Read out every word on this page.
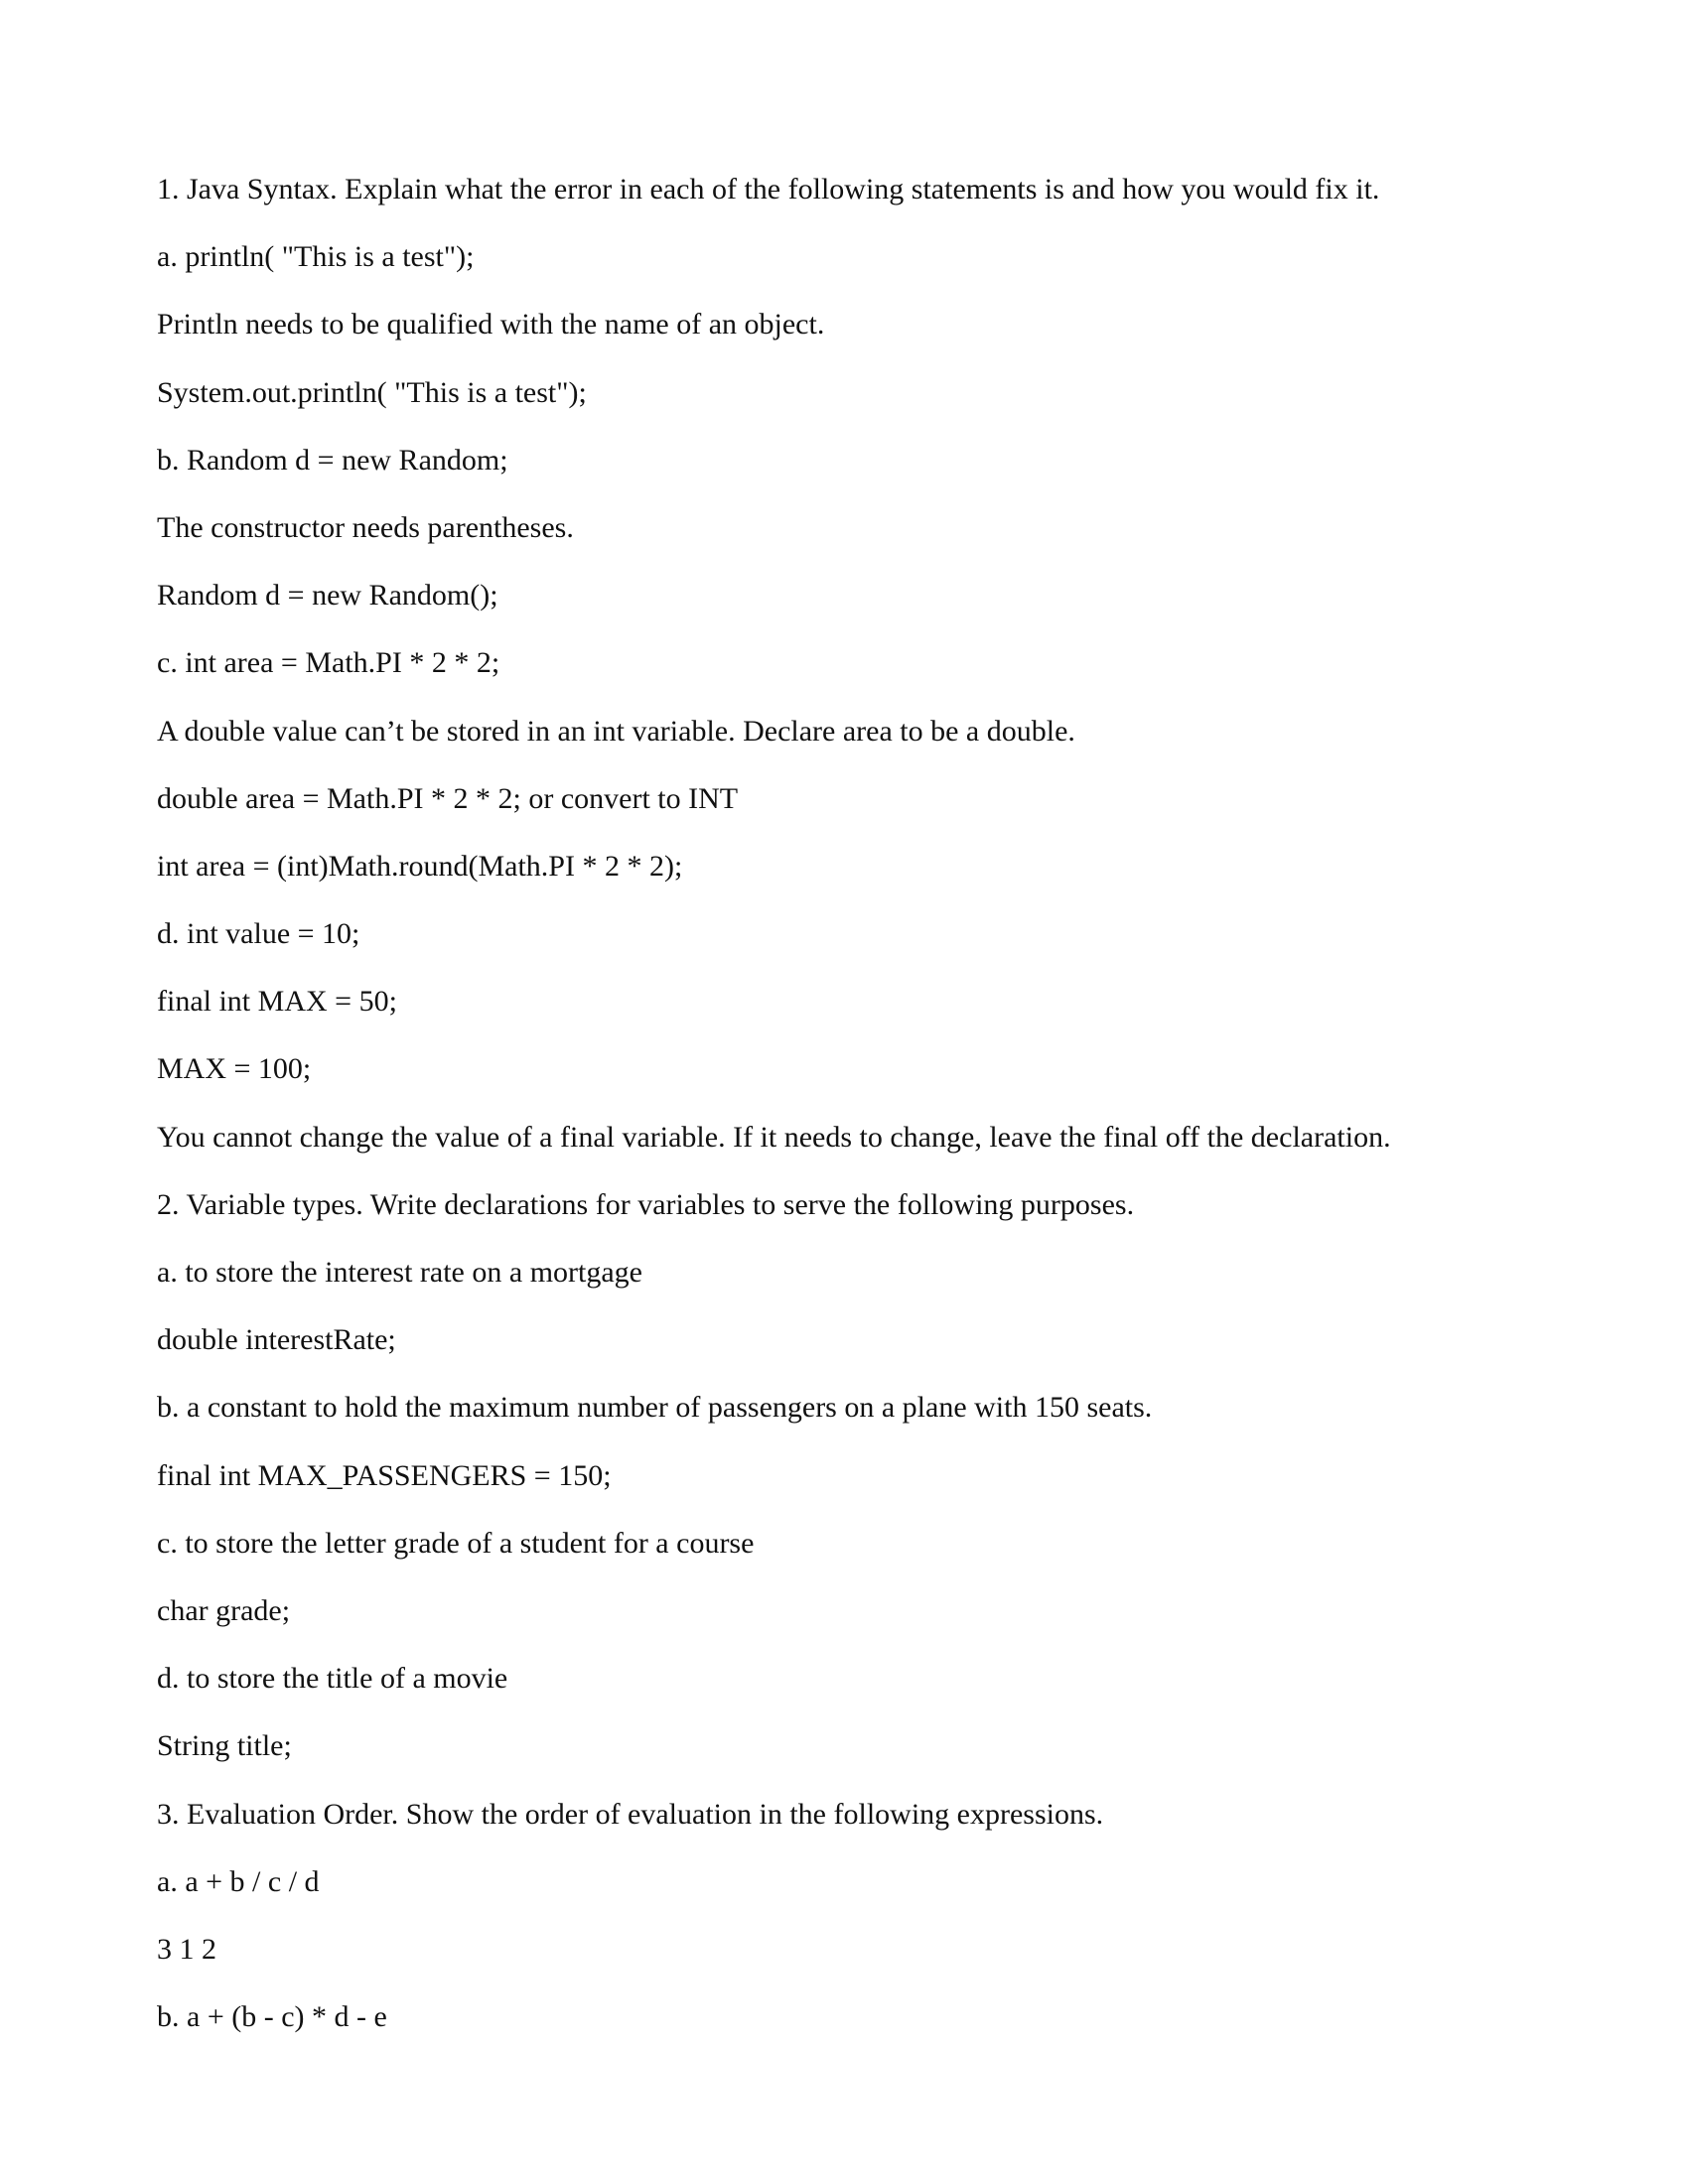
1. Java Syntax. Explain what the error in each of the following statements is and how you would fix it.

a. println( "This is a test");

Println needs to be qualified with the name of an object.

System.out.println( "This is a test");

b. Random d = new Random;

The constructor needs parentheses.

Random d = new Random();

c. int area = Math.PI * 2 * 2;

A double value can’t be stored in an int variable. Declare area to be a double.

double area = Math.PI * 2 * 2; or convert to INT

int area = (int)Math.round(Math.PI * 2 * 2);

d. int value = 10;

final int MAX = 50;

MAX = 100;

You cannot change the value of a final variable. If it needs to change, leave the final off the declaration.

2. Variable types. Write declarations for variables to serve the following purposes.

a. to store the interest rate on a mortgage

double interestRate;

b. a constant to hold the maximum number of passengers on a plane with 150 seats.

final int MAX_PASSENGERS = 150;

c. to store the letter grade of a student for a course

char grade;

d. to store the title of a movie

String title;

3. Evaluation Order. Show the order of evaluation in the following expressions.

a. a + b / c / d

3 1 2

b. a + (b - c) * d - e
